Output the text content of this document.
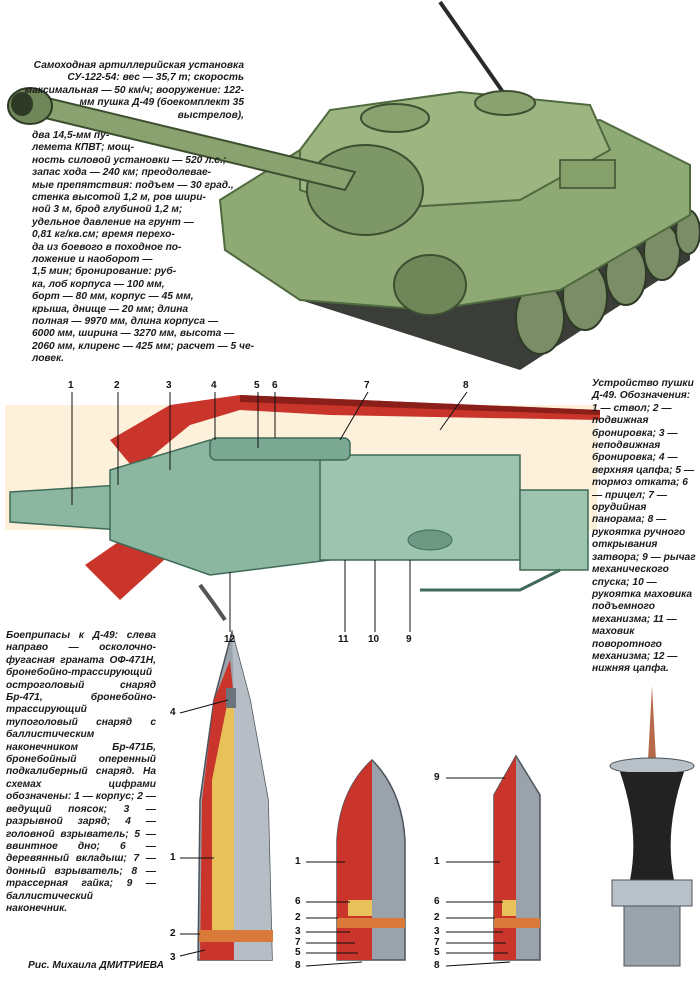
Самоходная артиллерийская установка СУ-122-54: вес — 35,7 т; скорость максимальная — 50 км/ч; вооружение: 122-мм пушка Д-49 (боекомплект 35 выстрелов),
два 14,5-мм пу-
лемета КПВТ; мощ-
ность силовой установки — 520 л.с.;
запас хода — 240 км; преодолевае-
мые препятствия: подъем — 30 град.,
стенка высотой 1,2 м, ров шири-
ной 3 м, брод глубиной 1,2 м;
удельное давление на грунт —
0,81 кг/кв.см; время перехо-
да из боевого в походное по-
ложение и наоборот —
1,5 мин; бронирование: руб-
ка, лоб корпуса — 100 мм,
борт — 80 мм, корпус — 45 мм,
крыша, днище — 20 мм; длина
полная — 9970 мм, длина корпуса —
6000 мм, ширина — 3270 мм, высота —
2060 мм, клиренс — 425 мм; расчет — 5 че-
ловек.
Устройство пушки Д-49. Обозначения: 1 — ствол; 2 — подвижная бронировка; 3 — неподвижная бронировка; 4 — верхняя цапфа; 5 — тормоз отката; 6 — прицел; 7 — орудийная панорама; 8 — рукоятка ручного открывания затвора; 9 — рычаг механического спуска; 10 — рукоятка маховика подъемного механизма; 11 — маховик поворотного механизма; 12 — нижняя цапфа.
Боеприпасы к Д-49: слева направо — осколочно-фугасная граната ОФ-471Н, бронебойно-трассирующий остроголовый снаряд Бр-471, бронебойно-трассирующий тупоголовый снаряд с баллистическим наконечником Бр-471Б, бронебойный оперенный подкалиберный снаряд. На схемах цифрами обозначены: 1 — корпус; 2 — ведущий поясок; 3 — разрывной заряд; 4 — головной взрыватель; 5 — ввинтное дно; 6 — деревянный вкладыш; 7 — донный взрыватель; 8 — трассерная гайка; 9 — баллистический наконечник.
Рис. Михаила ДМИТРИЕВА
1	2	3	4	5 6	7	8
12	11 10	9
4
1
2
3
1
6
2
3
7
5
8
9
1
6
2
3
7
5
8
